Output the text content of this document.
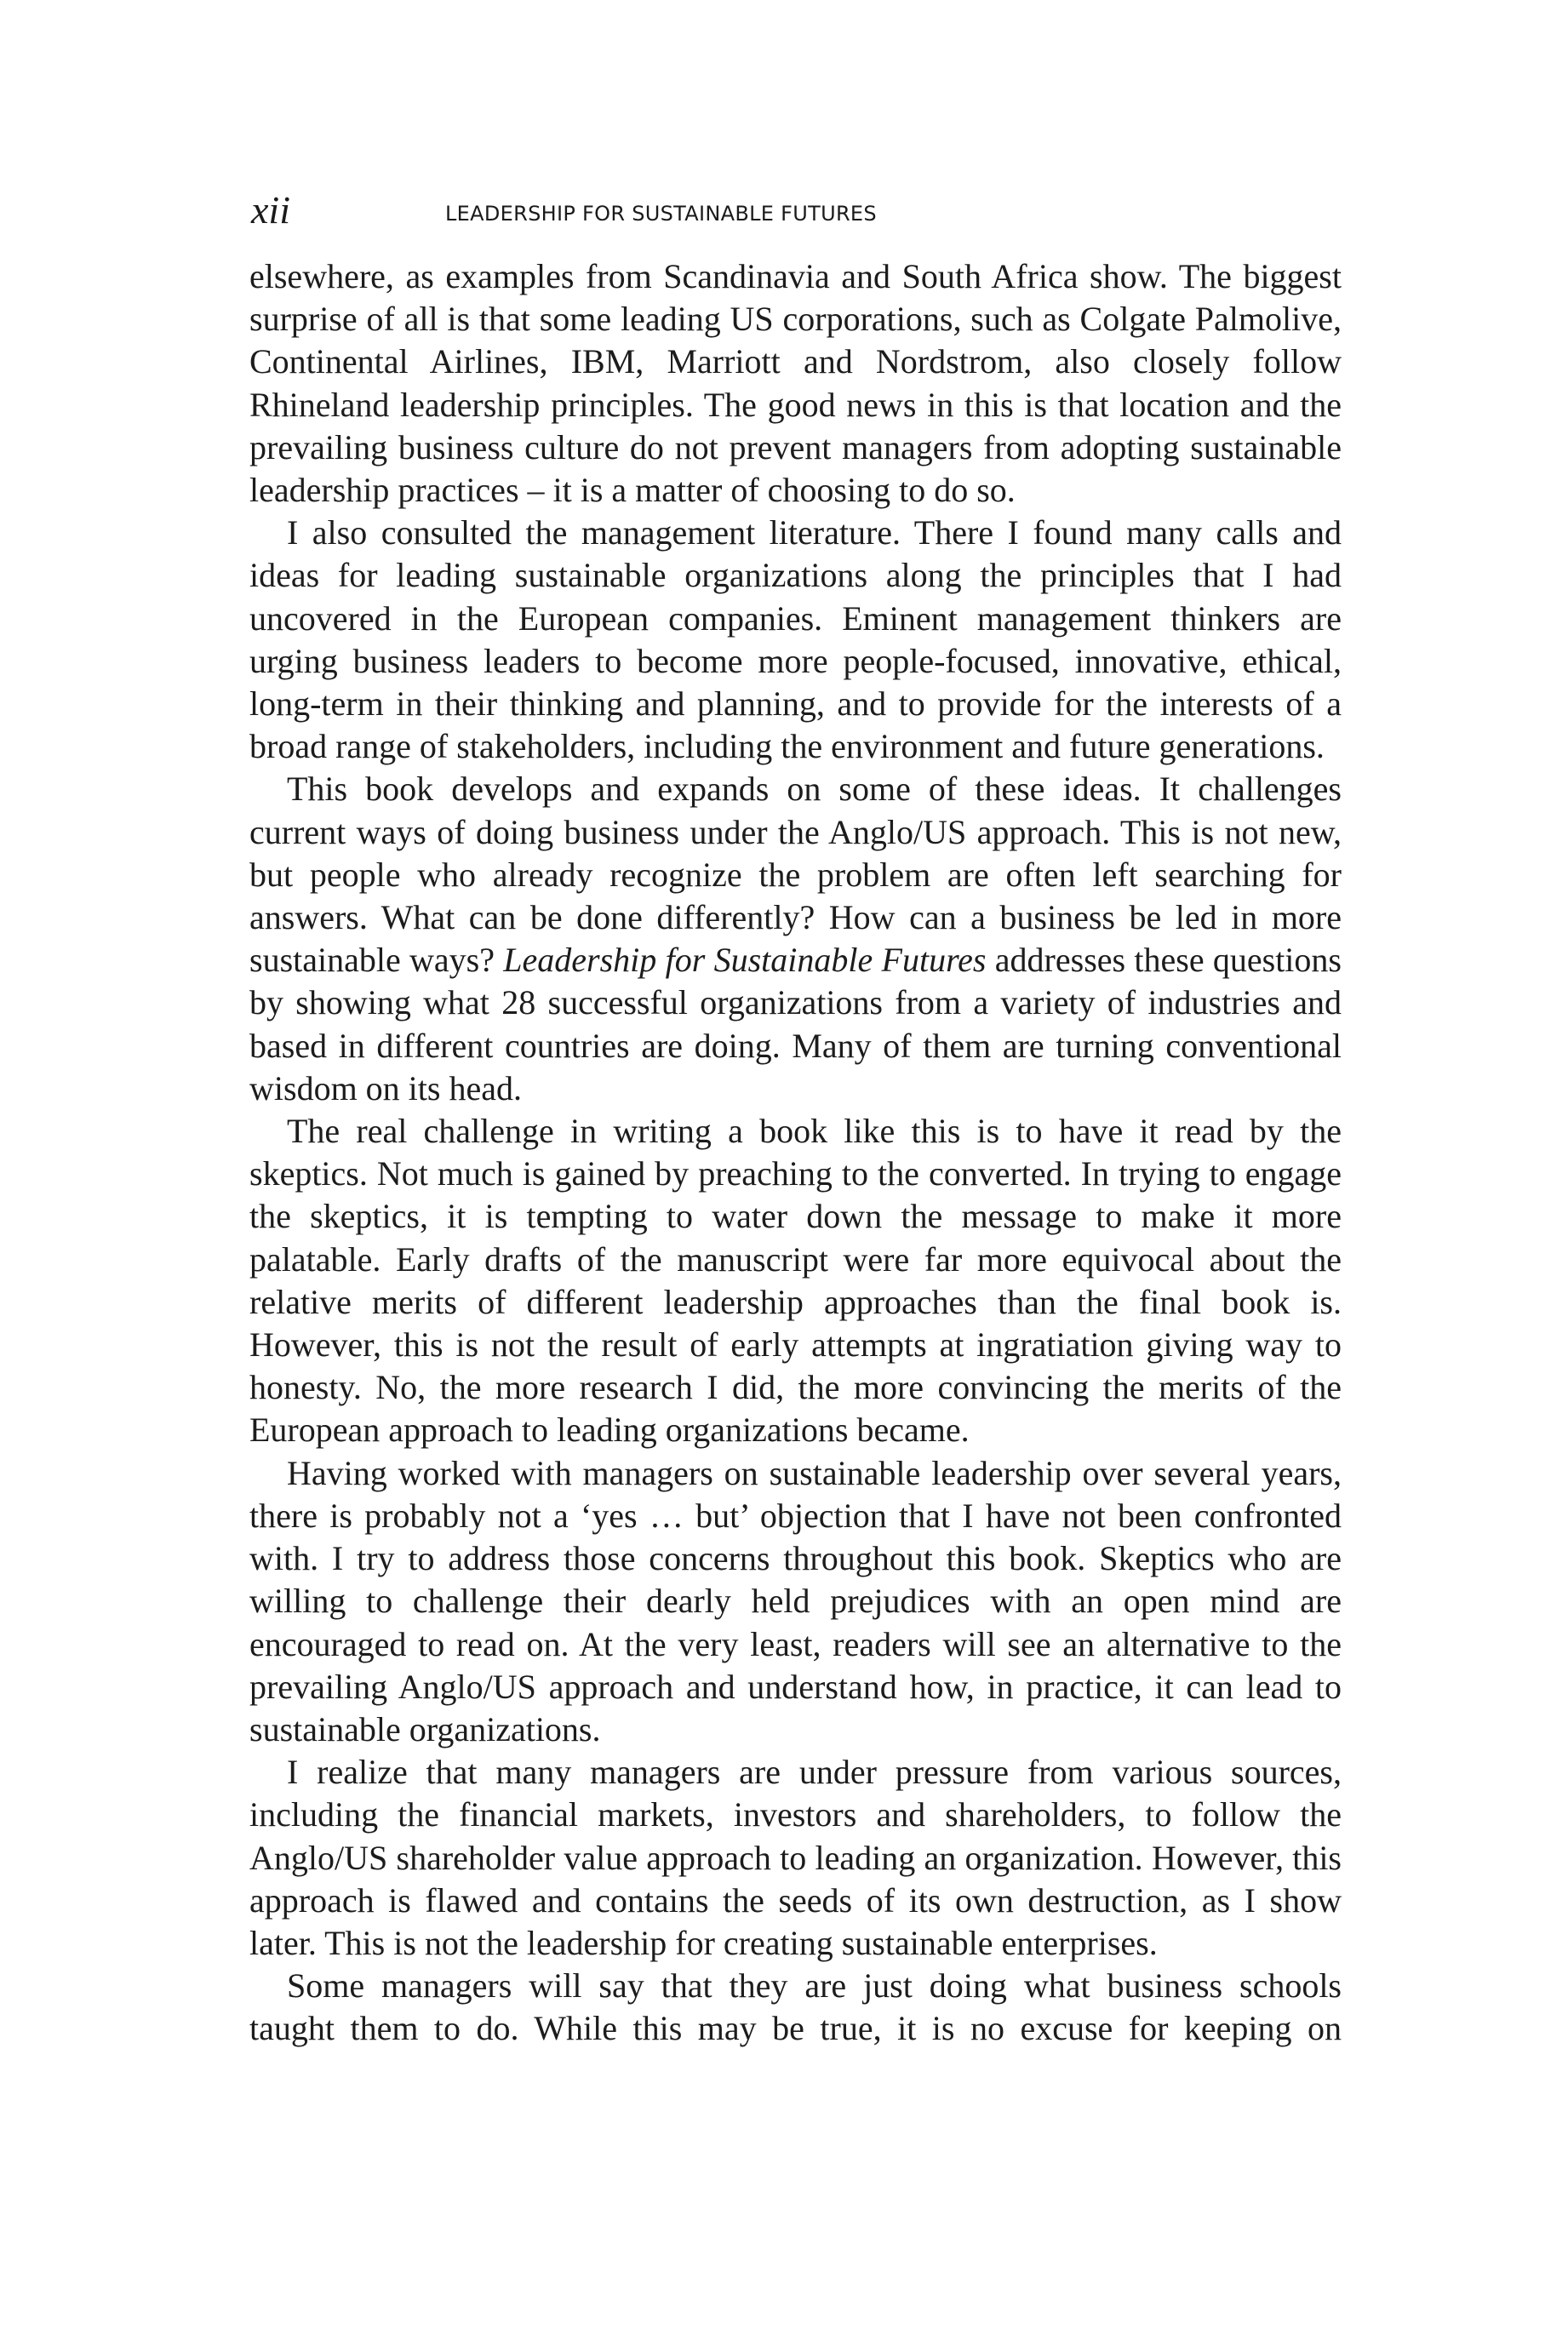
xii	LEADERSHIP FOR SUSTAINABLE FUTURES

elsewhere, as examples from Scandinavia and South Africa show. The biggest surprise of all is that some leading US corporations, such as Colgate Palmolive, Continental Airlines, IBM, Marriott and Nordstrom, also closely follow Rhineland leadership principles. The good news in this is that location and the prevailing business culture do not prevent managers from adopting sustainable leadership practices – it is a matter of choosing to do so.

I also consulted the management literature. There I found many calls and ideas for leading sustainable organizations along the principles that I had uncovered in the European companies. Eminent management thinkers are urging business leaders to become more people-focused, innovative, ethical, long-term in their thinking and planning, and to provide for the interests of a broad range of stakeholders, including the environment and future generations.

This book develops and expands on some of these ideas. It challenges current ways of doing business under the Anglo/US approach. This is not new, but people who already recognize the problem are often left searching for answers. What can be done differently? How can a business be led in more sustainable ways? Leadership for Sustainable Futures addresses these questions by showing what 28 successful organizations from a variety of industries and based in different countries are doing. Many of them are turning conventional wisdom on its head.

The real challenge in writing a book like this is to have it read by the skeptics. Not much is gained by preaching to the converted. In trying to engage the skeptics, it is tempting to water down the message to make it more palatable. Early drafts of the manuscript were far more equivocal about the relative merits of different leadership approaches than the final book is. However, this is not the result of early attempts at ingratiation giving way to honesty. No, the more research I did, the more convincing the merits of the European approach to leading organizations became.

Having worked with managers on sustainable leadership over several years, there is probably not a ‘yes … but’ objection that I have not been confronted with. I try to address those concerns throughout this book. Skeptics who are willing to challenge their dearly held prejudices with an open mind are encouraged to read on. At the very least, readers will see an alternative to the prevailing Anglo/US approach and understand how, in practice, it can lead to sustainable organizations.

I realize that many managers are under pressure from various sources, including the financial markets, investors and shareholders, to follow the Anglo/US shareholder value approach to leading an organization. However, this approach is flawed and contains the seeds of its own destruction, as I show later. This is not the leadership for creating sustainable enterprises.

Some managers will say that they are just doing what business schools taught them to do. While this may be true, it is no excuse for keeping on
